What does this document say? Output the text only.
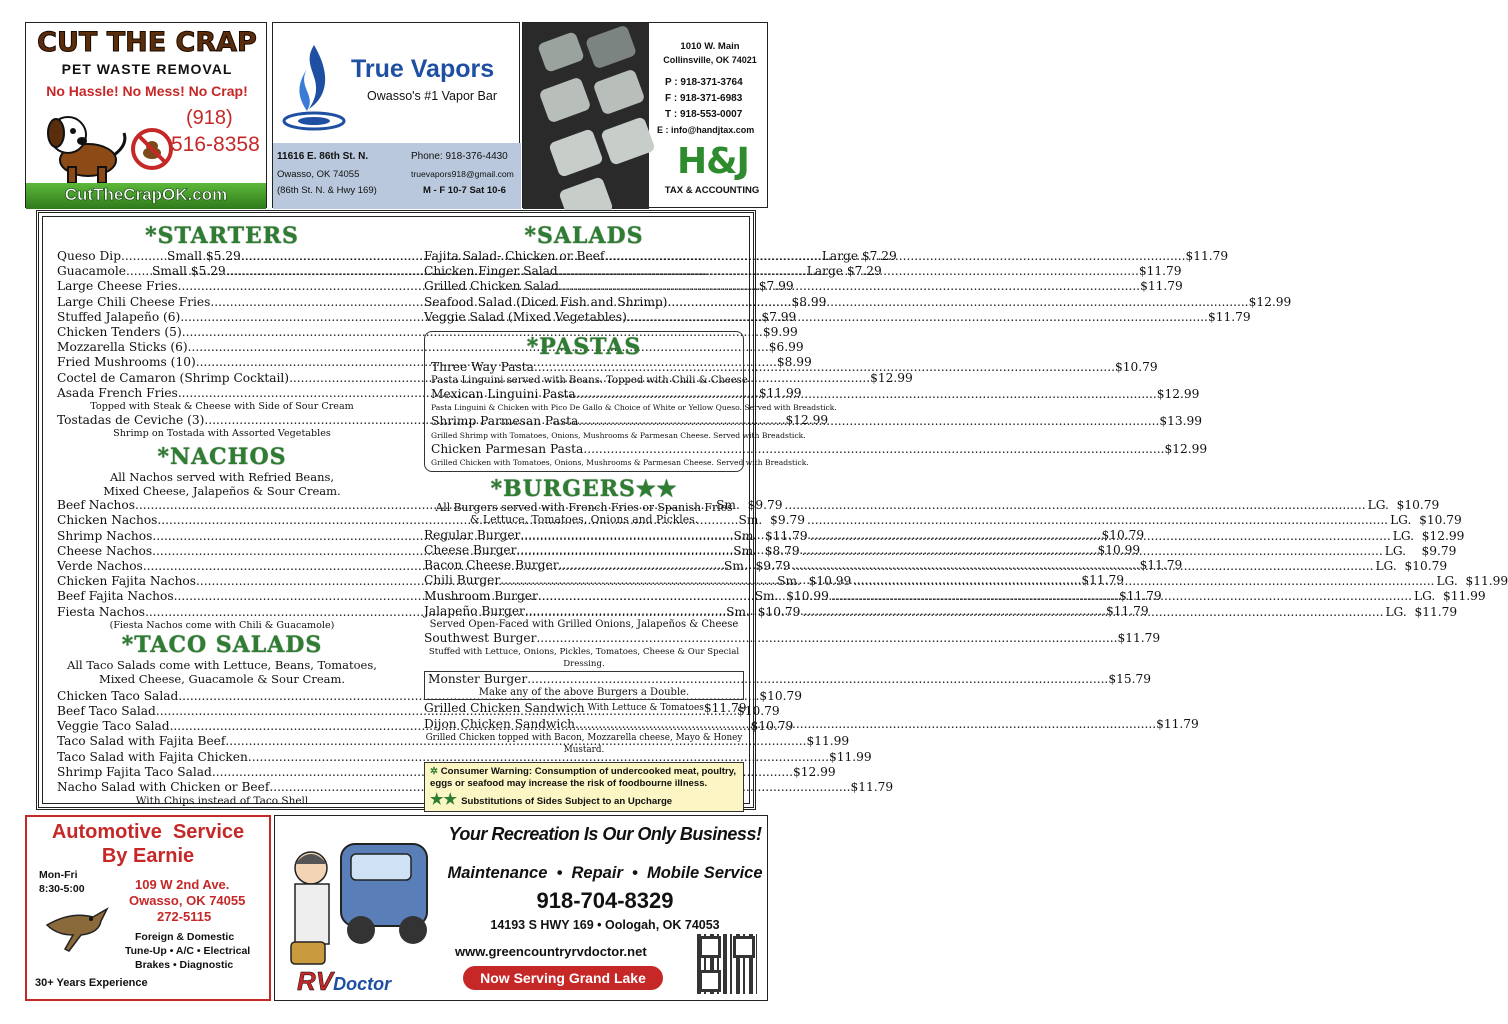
CUT THE CRAP
PET WASTE REMOVAL
No Hassle! No Mess! No Crap!
(918)
516-8358
CutTheCrapOK.com
True Vapors
Owasso's #1 Vapor Bar
11616 E. 86th St. N.
Owasso, OK 74055
(86th St. N. & Hwy 169)
Phone: 918-376-4430
truevapors918@gmail.com
M - F 10-7 Sat 10-6
1010 W. Main
Collinsville, OK 74021
P : 918-371-3764
F : 918-371-6983
T : 918-553-0007
E : info@handjtax.com
H&J
TAX & ACCOUNTING
*STARTERS
Queso Dip .....	Small $5.29 .....	Large $7.29
Guacamole ..... Small $5.29 .....	Large $7.29
Large Cheese Fries .....	$7.99
Large Chili Cheese Fries .....	$8.99
Stuffed Jalapeño (6) .....	$7.99
Chicken Tenders (5) .....	$9.99
Mozzarella Sticks (6) .....	$6.99
Fried Mushrooms (10) .....	$8.99
Coctel de Camaron (Shrimp Cocktail) .....	$12.99
Asada French Fries .....	$11.99
Topped with Steak & Cheese with Side of Sour Cream
Tostadas de Ceviche (3) .....	$12.99
Shrimp on Tostada with Assorted Vegetables
*NACHOS
All Nachos served with Refried Beans,
Mixed Cheese, Jalapeños & Sour Cream.
Beef Nachos .....	Sm.  $9.79 .....	LG.  $10.79
Chicken Nachos .....	Sm.  $9.79 .....	LG.  $10.79
Shrimp Nachos .....	Sm.  $11.79 .....	LG.  $12.99
Cheese Nachos .....	Sm.  $8.79 .....	LG.    $9.79
Verde Nachos .....	Sm.  $9.79 .....	LG.  $10.79
Chicken Fajita Nachos .....	Sm.  $10.99 .....	LG.  $11.99
Beef Fajita Nachos .....	Sm.  $10.99 .....	LG.  $11.99
Fiesta Nachos .....	Sm.  $10.79 .....	LG.  $11.79
(Fiesta Nachos come with Chili & Guacamole)
*TACO SALADS
All Taco Salads come with Lettuce, Beans, Tomatoes,
Mixed Cheese, Guacamole & Sour Cream.
Chicken Taco Salad .....	$10.79
Beef Taco Salad .....	$10.79
Veggie Taco Salad .....	$10.79
Taco Salad with Fajita Beef .....	$11.99
Taco Salad with Fajita Chicken .....	$11.99
Shrimp Fajita Taco Salad .....	$12.99
Nacho Salad with Chicken or Beef .....	$11.79
With Chips instead of Taco Shell
*SALADS
Fajita Salad- Chicken or Beef .....	$11.79
Chicken Finger Salad .....	$11.79
Grilled Chicken Salad .....	$11.79
Seafood Salad (Diced Fish and Shrimp) .....	$12.99
Veggie Salad (Mixed Vegetables) .....	$11.79
*PASTAS
Three Way Pasta .....	$10.79
Pasta Linguini served with Beans. Topped with Chili & Cheese
Mexican Linguini Pasta .....	$12.99
Pasta Linguini & Chicken with Pico De Gallo & Choice of White or Yellow Queso. Served with Breadstick.
Shrimp Parmesan Pasta .....	$13.99
Grilled Shrimp with Tomatoes, Onions, Mushrooms & Parmesan Cheese. Served with Breadstick.
Chicken Parmesan Pasta .....	$12.99
Grilled Chicken with Tomatoes, Onions, Mushrooms & Parmesan Cheese. Served with Breadstick.
*BURGERS★★
All Burgers served with French Fries or Spanish Fries
& Lettuce, Tomatoes, Onions and Pickles.
Regular Burger .....	$10.79
Cheese Burger .....	$10.99
Bacon Cheese Burger .....	$11.79
Chili Burger .....	$11.79
Mushroom Burger .....	$11.79
Jalapeño Burger .....	$11.79
Served Open-Faced with Grilled Onions, Jalapeños & Cheese
Southwest Burger .....	$11.79
Stuffed with Lettuce, Onions, Pickles, Tomatoes, Cheese & Our Special Dressing.
Monster Burger .....	$15.79
Make any of the above Burgers a Double.
Grilled Chicken Sandwich With Lettuce & Tomatoes $11.79
Dijon Chicken Sandwich .....	$11.79
Grilled Chicken topped with Bacon, Mozzarella cheese, Mayo & Honey Mustard.
✲ Consumer Warning: Consumption of undercooked meat, poultry,
eggs or seafood may increase the risk of foodbourne illness.
★★ Substitutions of Sides Subject to an Upcharge
Automotive  Service
By Earnie
Mon-Fri
8:30-5:00	109 W 2nd Ave.
Owasso, OK 74055
272-5115
Foreign & Domestic
Tune-Up • A/C • Electrical
Brakes • Diagnostic
30+ Years Experience
Your Recreation Is Our Only Business!
RVDoctor
Maintenance  •  Repair  •  Mobile Service
918-704-8329
14193 S HWY 169 • Oologah, OK 74053
www.greencountryrvdoctor.net
Now Serving Grand Lake
